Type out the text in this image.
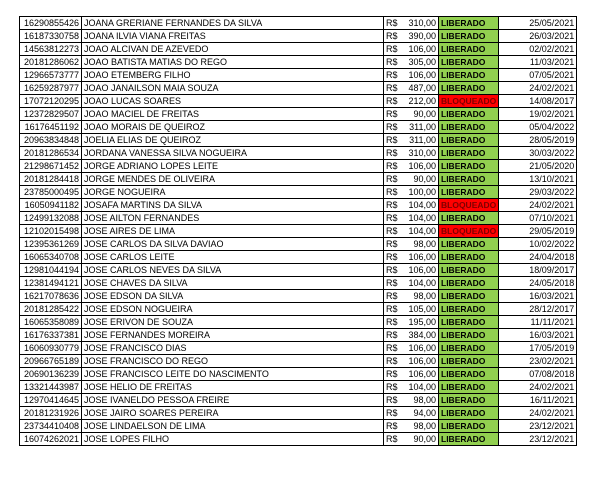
16290855426	JOANA GRERIANE FERNANDES DA SILVA	R$	310,00	LIBERADO	25/05/2021
16187330758	JOANA ILVIA VIANA FREITAS	R$	390,00	LIBERADO	26/03/2021
14563812273	JOAO ALCIVAN DE AZEVEDO	R$	106,00	LIBERADO	02/02/2021
20181286062	JOAO BATISTA MATIAS DO REGO	R$	305,00	LIBERADO	11/03/2021
12966573777	JOAO ETEMBERG FILHO	R$	106,00	LIBERADO	07/05/2021
16259287977	JOAO JANAILSON MAIA SOUZA	R$	487,00	LIBERADO	24/02/2021
17072120295	JOAO LUCAS SOARES	R$	212,00	BLOQUEADO	14/08/2017
12372829507	JOAO MACIEL DE FREITAS	R$	90,00	LIBERADO	19/02/2021
16176451192	JOAO MORAIS DE QUEIROZ	R$	311,00	LIBERADO	05/04/2022
20963834848	JOELIA ELIAS DE QUEIROZ	R$	311,00	LIBERADO	28/05/2019
20181286534	JORDANA VANESSA SILVA NOGUEIRA	R$	310,00	LIBERADO	30/03/2022
21298671452	JORGE ADRIANO LOPES LEITE	R$	106,00	LIBERADO	21/05/2020
20181284418	JORGE MENDES DE OLIVEIRA	R$	90,00	LIBERADO	13/10/2021
23785000495	JORGE NOGUEIRA	R$	100,00	LIBERADO	29/03/2022
16050941182	JOSAFA MARTINS DA SILVA	R$	104,00	BLOQUEADO	24/02/2021
12499132088	JOSE AILTON FERNANDES	R$	104,00	LIBERADO	07/10/2021
12102015498	JOSE AIRES DE LIMA	R$	104,00	BLOQUEADO	29/05/2019
12395361269	JOSE CARLOS DA SILVA DAVIAO	R$	98,00	LIBERADO	10/02/2022
16065340708	JOSE CARLOS LEITE	R$	106,00	LIBERADO	24/04/2018
12981044194	JOSE CARLOS NEVES DA SILVA	R$	106,00	LIBERADO	18/09/2017
12381494121	JOSE CHAVES DA SILVA	R$	104,00	LIBERADO	24/05/2018
16217078636	JOSE EDSON DA SILVA	R$	98,00	LIBERADO	16/03/2021
20181285422	JOSE EDSON NOGUEIRA	R$	105,00	LIBERADO	28/12/2017
16065358089	JOSE ERIVON DE SOUZA	R$	195,00	LIBERADO	11/11/2021
16176337381	JOSE FERNANDES MOREIRA	R$	384,00	LIBERADO	16/03/2021
16060930779	JOSE FRANCISCO DIAS	R$	106,00	LIBERADO	17/05/2019
20966765189	JOSE FRANCISCO DO REGO	R$	106,00	LIBERADO	23/02/2021
20690136239	JOSE FRANCISCO LEITE DO NASCIMENTO	R$	106,00	LIBERADO	07/08/2018
13321443987	JOSE HELIO DE FREITAS	R$	104,00	LIBERADO	24/02/2021
12970414645	JOSE IVANELDO PESSOA FREIRE	R$	98,00	LIBERADO	16/11/2021
20181231926	JOSE JAIRO SOARES PEREIRA	R$	94,00	LIBERADO	24/02/2021
23734410408	JOSE LINDAELSON DE LIMA	R$	98,00	LIBERADO	23/12/2021
16074262021	JOSE LOPES FILHO	R$	90,00	LIBERADO	23/12/2021
